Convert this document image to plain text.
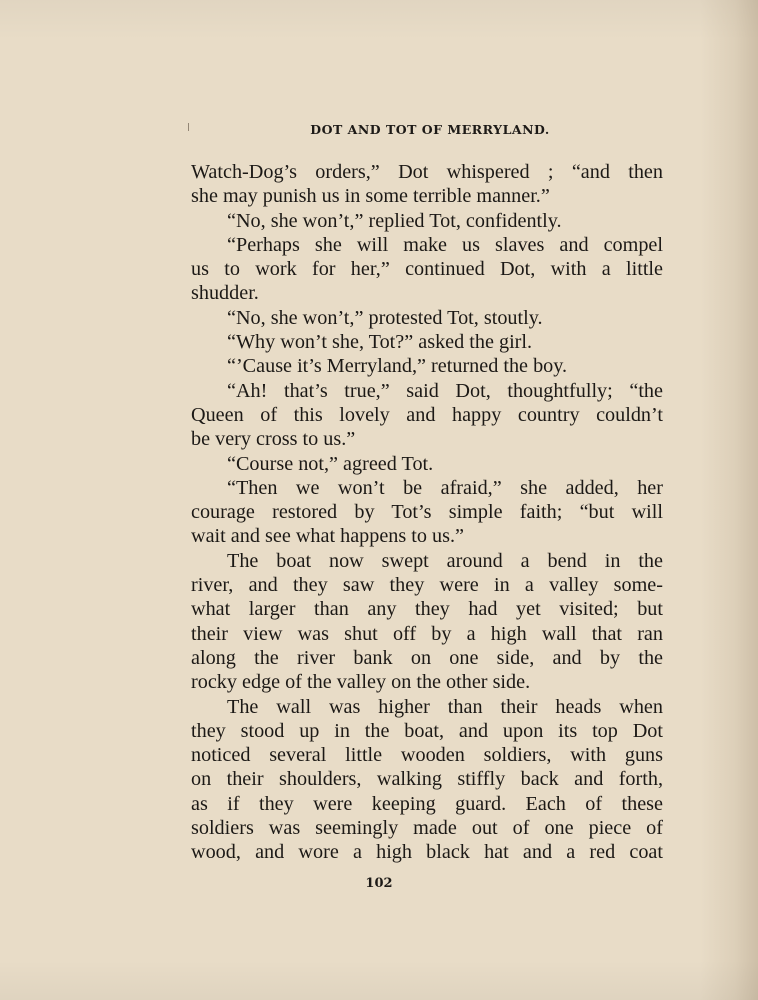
DOT AND TOT OF MERRYLAND.
Watch-Dog’s orders,” Dot whispered ; “and then
she may punish us in some terrible manner.”
“No, she won’t,” replied Tot, confidently.
“Perhaps she will make us slaves and compel
us to work for her,” continued Dot, with a little
shudder.
“No, she won’t,” protested Tot, stoutly.
“Why won’t she, Tot?” asked the girl.
“’Cause it’s Merryland,” returned the boy.
“Ah! that’s true,” said Dot, thoughtfully; “the
Queen of this lovely and happy country couldn’t
be very cross to us.”
“Course not,” agreed Tot.
“Then we won’t be afraid,” she added, her
courage restored by Tot’s simple faith; “but will
wait and see what happens to us.”
The boat now swept around a bend in the
river, and they saw they were in a valley some-
what larger than any they had yet visited; but
their view was shut off by a high wall that ran
along the river bank on one side, and by the
rocky edge of the valley on the other side.
The wall was higher than their heads when
they stood up in the boat, and upon its top Dot
noticed several little wooden soldiers, with guns
on their shoulders, walking stiffly back and forth,
as if they were keeping guard. Each of these
soldiers was seemingly made out of one piece of
wood, and wore a high black hat and a red coat
102
